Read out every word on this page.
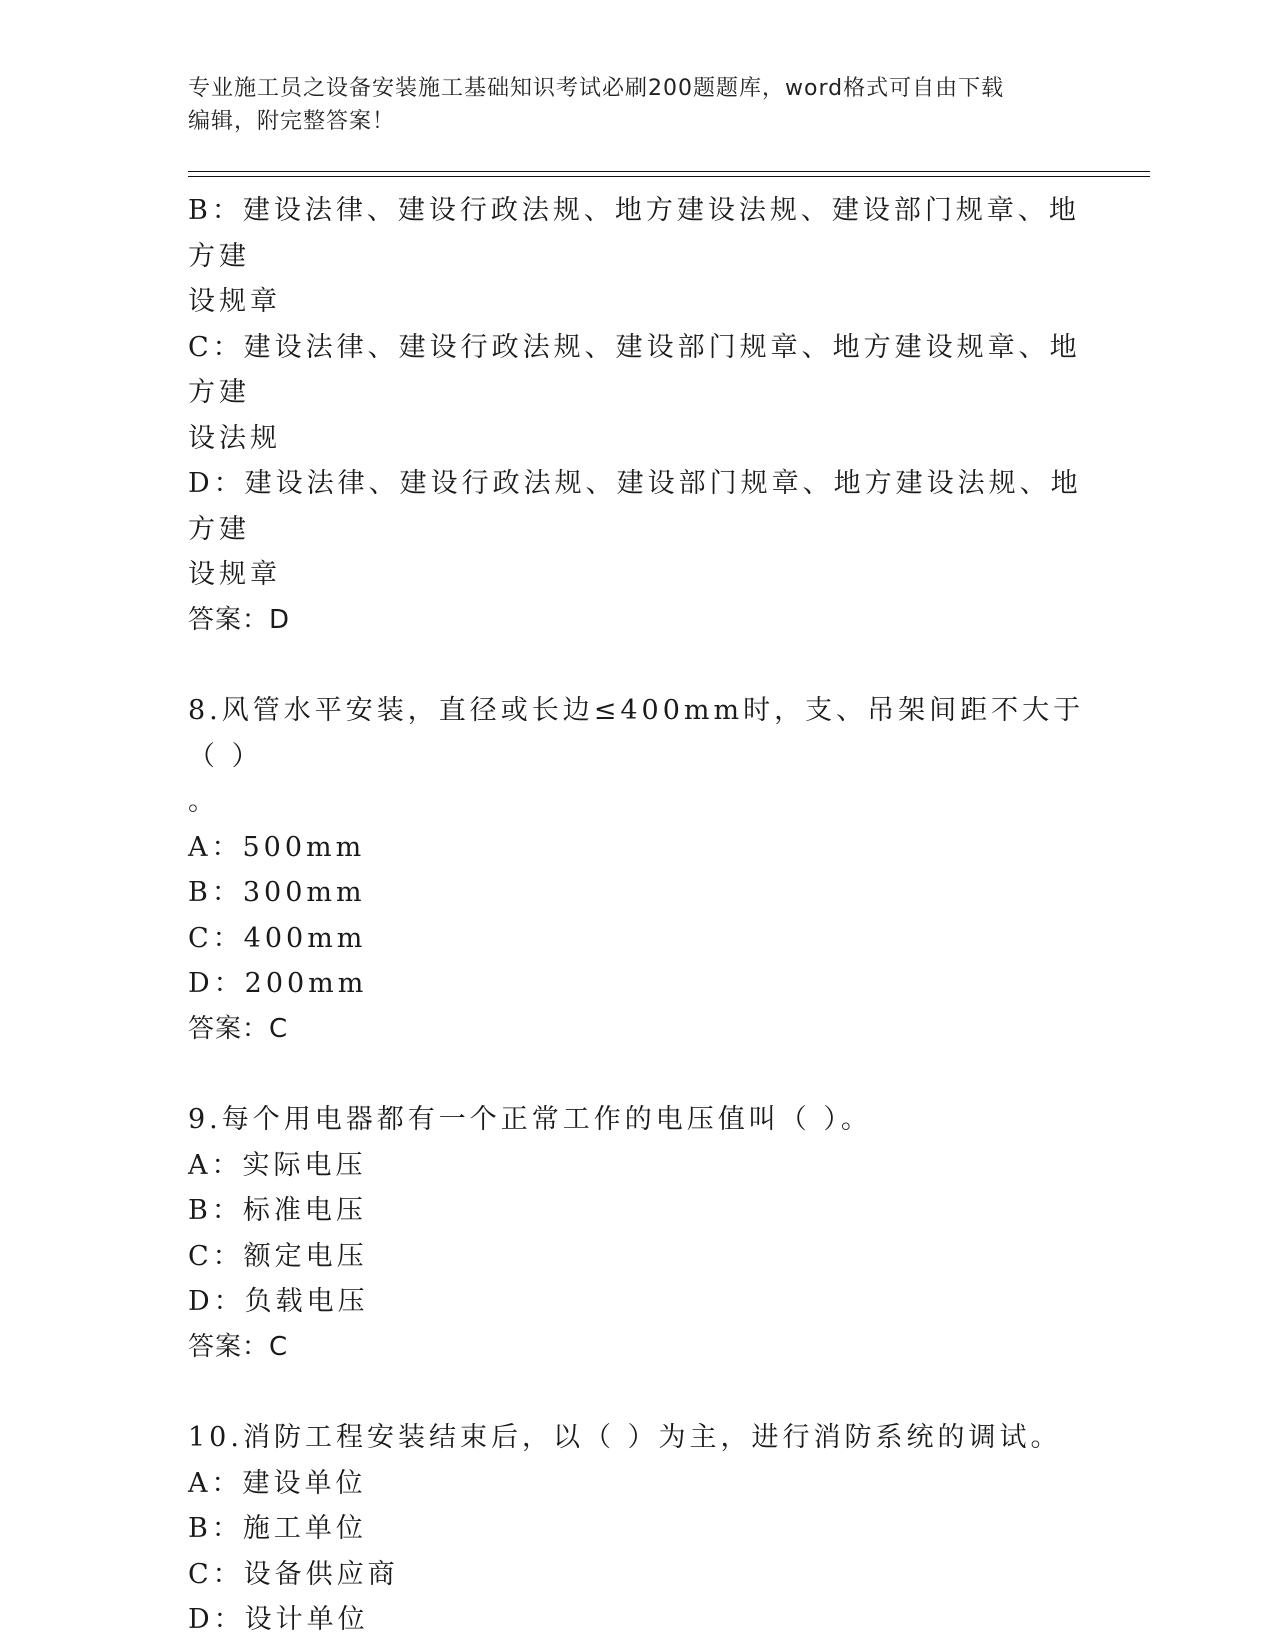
专业施工员之设备安装施工基础知识考试必刷200题题库，word格式可自由下载
编辑，附完整答案！
B：建设法律、建设行政法规、地方建设法规、建设部门规章、地方建
设规章
C：建设法律、建设行政法规、建设部门规章、地方建设规章、地方建
设法规
D：建设法律、建设行政法规、建设部门规章、地方建设法规、地方建
设规章
答案：D
8.风管水平安装，直径或长边≤400mm时，支、吊架间距不大于（ ）
。
A：500mm
B：300mm
C：400mm
D：200mm
答案：C
9.每个用电器都有一个正常工作的电压值叫（ ）。
A：实际电压
B：标准电压
C：额定电压
D：负载电压
答案：C
10.消防工程安装结束后，以（ ）为主，进行消防系统的调试。
A：建设单位
B：施工单位
C：设备供应商
D：设计单位
